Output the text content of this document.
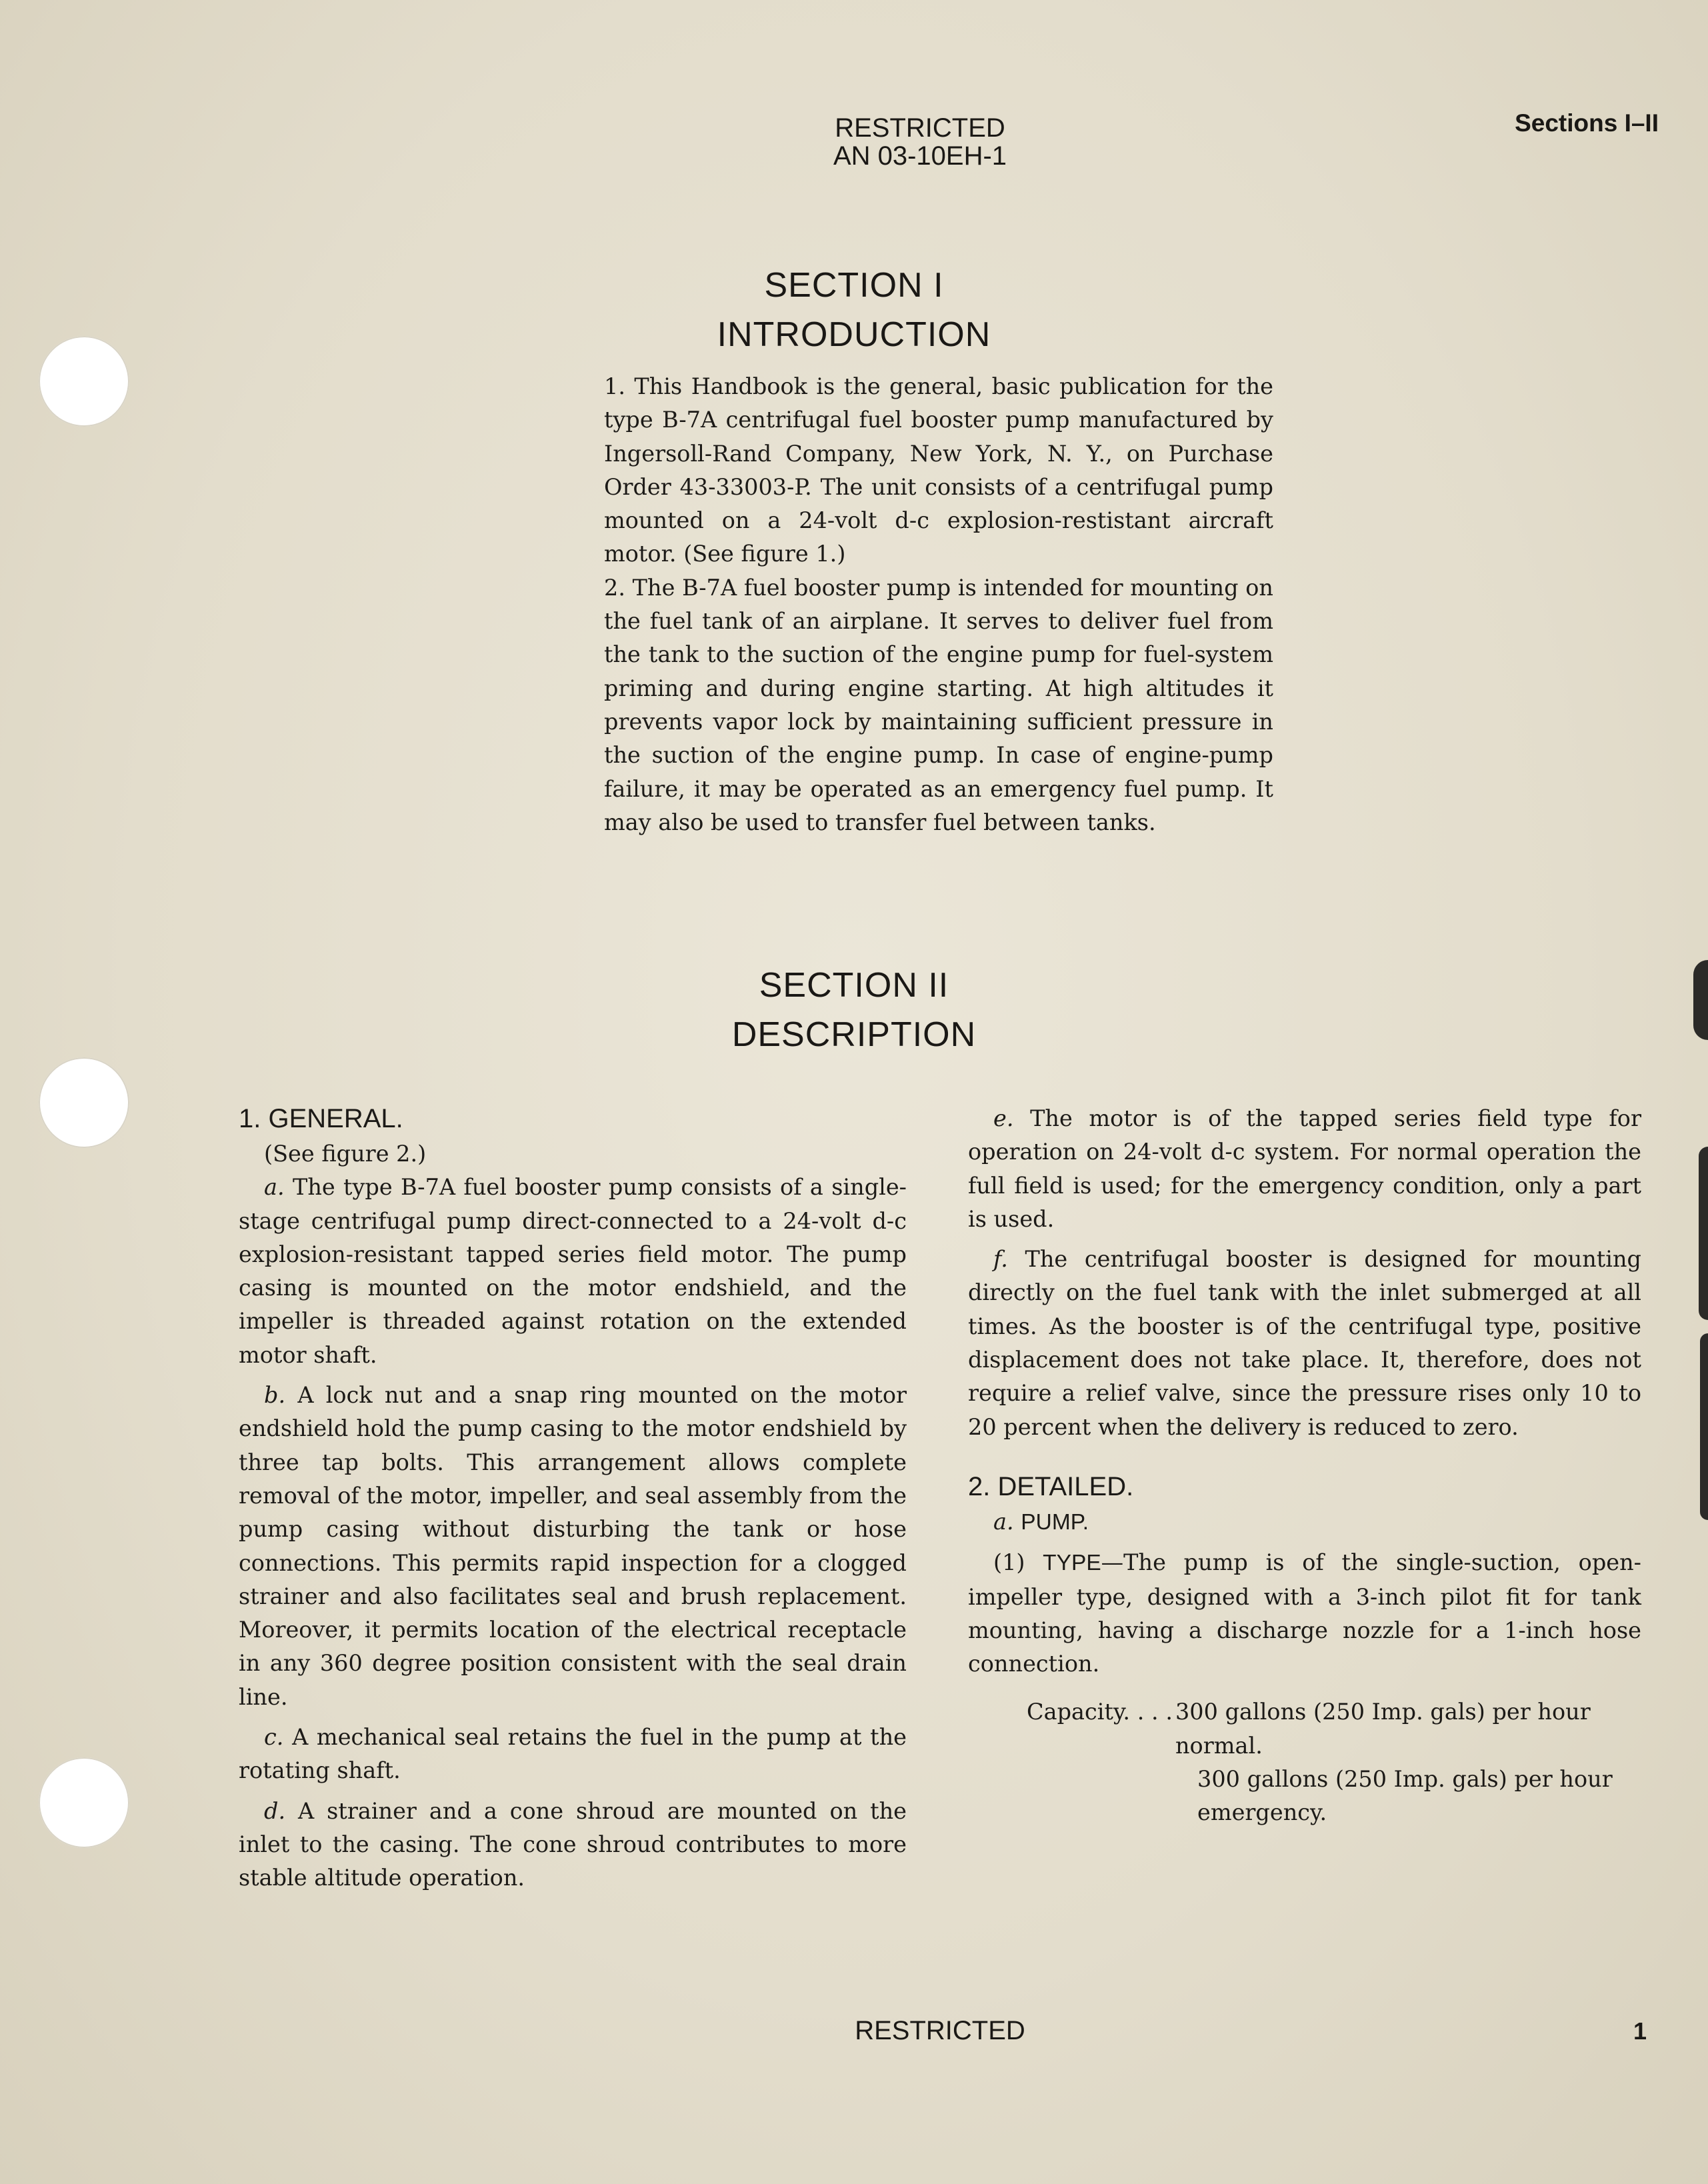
RESTRICTED
AN 03-10EH-1
Sections I–II
SECTION I
INTRODUCTION

1. This Handbook is the general, basic publication for the type B-7A centrifugal fuel booster pump manufactured by Ingersoll-Rand Company, New York, N. Y., on Purchase Order 43-33003-P. The unit consists of a centrifugal pump mounted on a 24-volt d-c explosion-restistant aircraft motor. (See figure 1.)

2. The B-7A fuel booster pump is intended for mounting on the fuel tank of an airplane. It serves to deliver fuel from the tank to the suction of the engine pump for fuel-system priming and during engine starting. At high altitudes it prevents vapor lock by maintaining sufficient pressure in the suction of the engine pump. In case of engine-pump failure, it may be operated as an emergency fuel pump. It may also be used to transfer fuel between tanks.

SECTION II
DESCRIPTION
1. GENERAL.

(See figure 2.)

a. The type B-7A fuel booster pump consists of a single-stage centrifugal pump direct-connected to a 24-volt d-c explosion-resistant tapped series field motor. The pump casing is mounted on the motor endshield, and the impeller is threaded against rotation on the extended motor shaft.

b. A lock nut and a snap ring mounted on the motor endshield hold the pump casing to the motor endshield by three tap bolts. This arrangement allows complete removal of the motor, impeller, and seal assembly from the pump casing without disturbing the tank or hose connections. This permits rapid inspection for a clogged strainer and also facilitates seal and brush replacement. Moreover, it permits location of the electrical receptacle in any 360 degree position consistent with the seal drain line.

c. A mechanical seal retains the fuel in the pump at the rotating shaft.

d. A strainer and a cone shroud are mounted on the inlet to the casing. The cone shroud contributes to more stable altitude operation.

e. The motor is of the tapped series field type for operation on 24-volt d-c system. For normal operation the full field is used; for the emergency condition, only a part is used.

f. The centrifugal booster is designed for mounting directly on the fuel tank with the inlet submerged at all times. As the booster is of the centrifugal type, positive displacement does not take place. It, therefore, does not require a relief valve, since the pressure rises only 10 to 20 percent when the delivery is reduced to zero.

2. DETAILED.

a. PUMP.

(1) TYPE—The pump is of the single-suction, open-impeller type, designed with a 3-inch pilot fit for tank mounting, having a discharge nozzle for a 1-inch hose connection.

Capacity. . . . 300 gallons (250 Imp. gals) per hour normal.
300 gallons (250 Imp. gals) per hour emergency.
RESTRICTED	1
